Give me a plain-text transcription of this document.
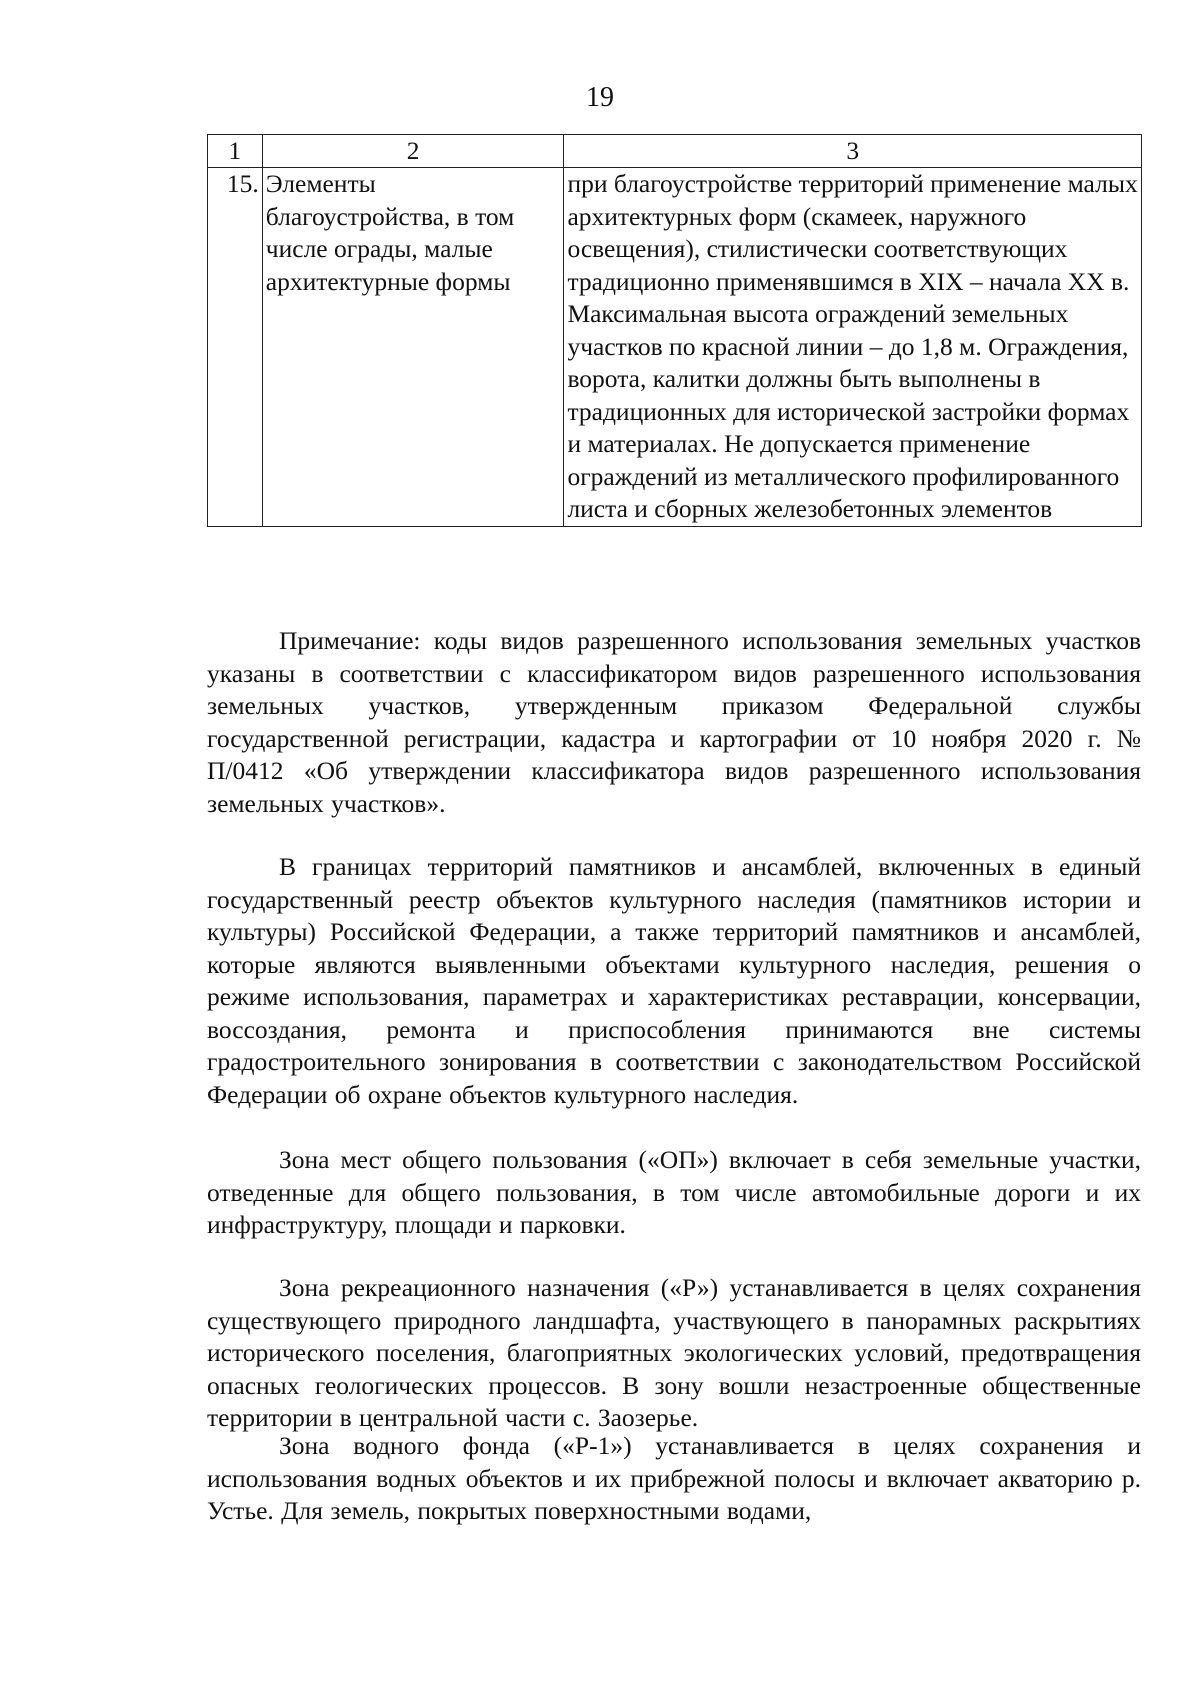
19
1	2	3
15.	Элементы благоустройства, в том числе ограды, малые архитектурные формы	при благоустройстве территорий применение малых архитектурных форм (скамеек, наружного освещения), стилистически соответствующих традиционно применявшимся в XIX – начала XX в. Максимальная высота ограждений земельных участков по красной линии – до 1,8 м. Ограждения, ворота, калитки должны быть выполнены в традиционных для исторической застройки формах и материалах. Не допускается применение ограждений из металлического профилированного листа и сборных железобетонных элементов

Примечание: коды видов разрешенного использования земельных участков указаны в соответствии с классификатором видов разрешенного использования земельных участков, утвержденным приказом Федеральной службы государственной регистрации, кадастра и картографии от 10 ноября 2020 г. № П/0412 «Об утверждении классификатора видов разрешенного использования земельных участков».

В границах территорий памятников и ансамблей, включенных в единый государственный реестр объектов культурного наследия (памятников истории и культуры) Российской Федерации, а также территорий памятников и ансамблей, которые являются выявленными объектами культурного наследия, решения о режиме использования, параметрах и характеристиках реставрации, консервации, воссоздания, ремонта и приспособления принимаются вне системы градостроительного зонирования в соответствии с законодательством Российской Федерации об охране объектов культурного наследия.

Зона мест общего пользования («ОП») включает в себя земельные участки, отведенные для общего пользования, в том числе автомобильные дороги и их инфраструктуру, площади и парковки.

Зона рекреационного назначения («Р») устанавливается в целях сохранения существующего природного ландшафта, участвующего в панорамных раскрытиях исторического поселения, благоприятных экологических условий, предотвращения опасных геологических процессов. В зону вошли незастроенные общественные территории в центральной части с. Заозерье.

Зона водного фонда («Р-1») устанавливается в целях сохранения и использования водных объектов и их прибрежной полосы и включает акваторию р. Устье. Для земель, покрытых поверхностными водами,
